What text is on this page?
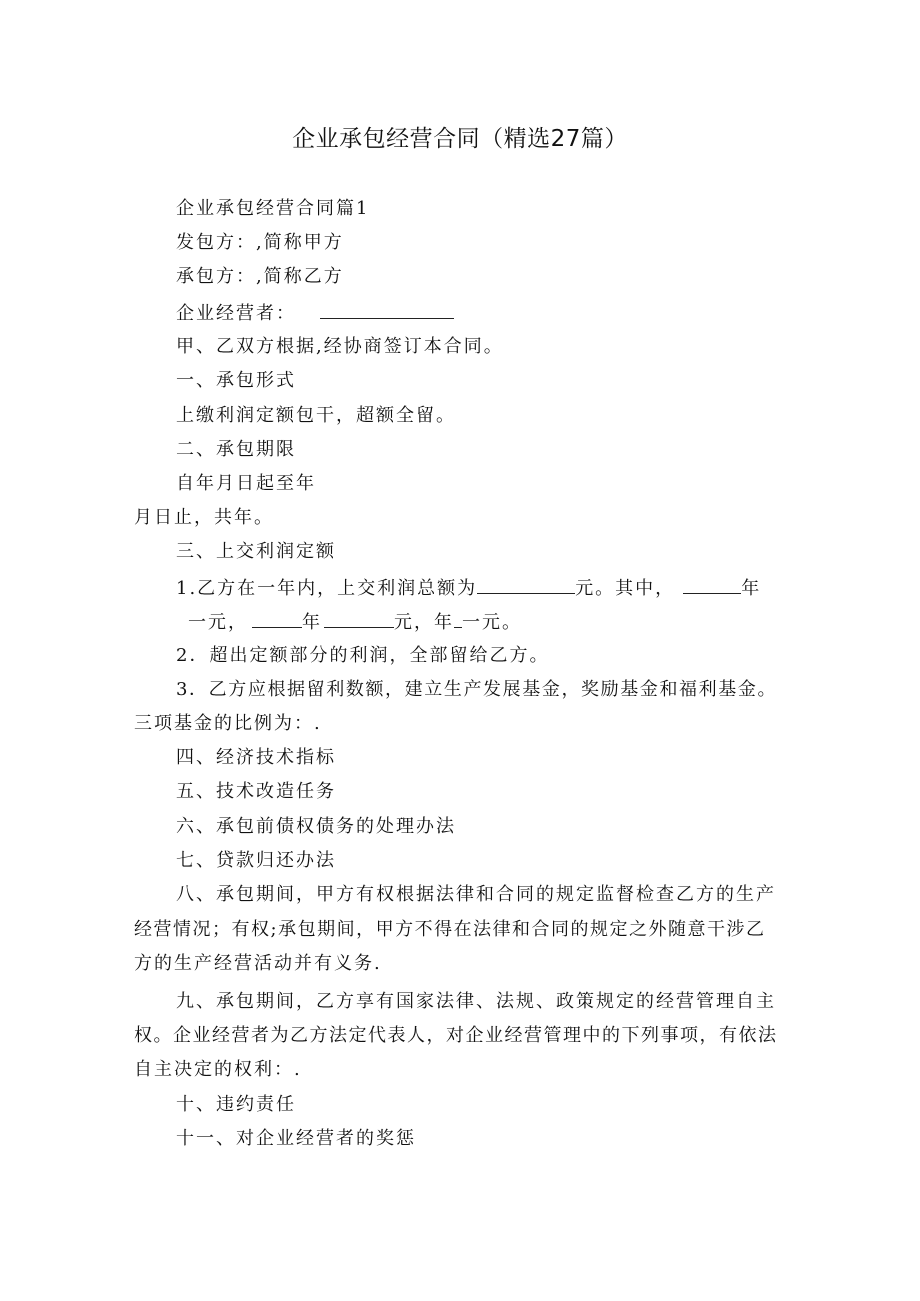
企业承包经营合同（精选27篇）
企业承包经营合同篇1
发包方：,简称甲方
承包方：,简称乙方
企业经营者：
甲、乙双方根据,经协商签订本合同。
一、承包形式
上缴利润定额包干，超额全留。
二、承包期限
自年月日起至年
月日止，共年。
三、上交利润定额
1.乙方在一年内，上交利润总额为	元。其中，	年
一元，	年	元，年 一元。
2．超出定额部分的利润，全部留给乙方。
3．乙方应根据留利数额，建立生产发展基金，奖励基金和福利基金。
三项基金的比例为：.
四、经济技术指标
五、技术改造任务
六、承包前债权债务的处理办法
七、贷款归还办法
八、承包期间，甲方有权根据法律和合同的规定监督检查乙方的生产
经营情况；有权;承包期间，甲方不得在法律和合同的规定之外随意干涉乙
方的生产经营活动并有义务.
九、承包期间，乙方享有国家法律、法规、政策规定的经营管理自主
权。企业经营者为乙方法定代表人，对企业经营管理中的下列事项，有依法
自主决定的权利：.
十、违约责任
十一、对企业经营者的奖惩
